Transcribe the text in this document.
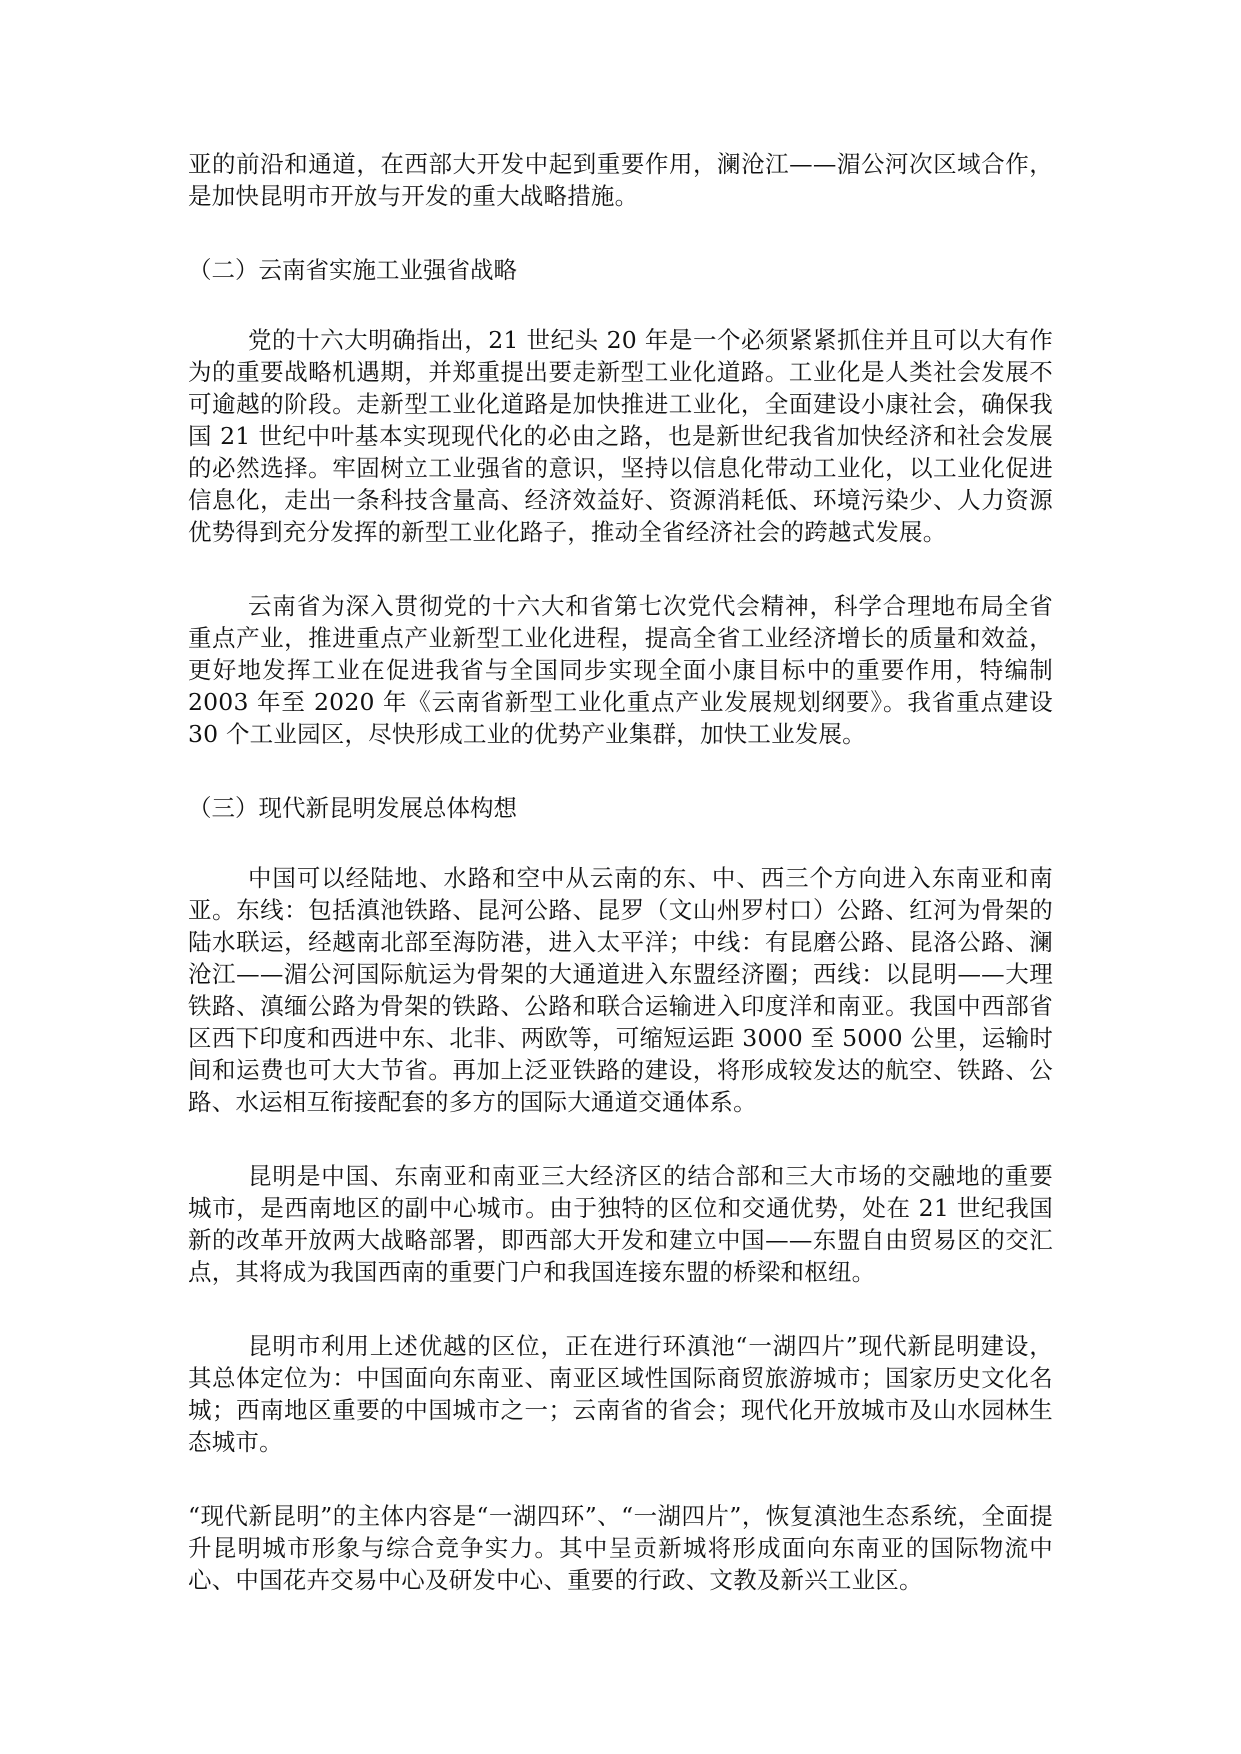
亚的前沿和通道，在西部大开发中起到重要作用，澜沧江——湄公河次区域合作，是加快昆明市开放与开发的重大战略措施。

（二）云南省实施工业强省战略

党的十六大明确指出，21 世纪头 20 年是一个必须紧紧抓住并且可以大有作为的重要战略机遇期，并郑重提出要走新型工业化道路。工业化是人类社会发展不可逾越的阶段。走新型工业化道路是加快推进工业化，全面建设小康社会，确保我国 21 世纪中叶基本实现现代化的必由之路，也是新世纪我省加快经济和社会发展的必然选择。牢固树立工业强省的意识，坚持以信息化带动工业化，以工业化促进信息化，走出一条科技含量高、经济效益好、资源消耗低、环境污染少、人力资源优势得到充分发挥的新型工业化路子，推动全省经济社会的跨越式发展。

云南省为深入贯彻党的十六大和省第七次党代会精神，科学合理地布局全省重点产业，推进重点产业新型工业化进程，提高全省工业经济增长的质量和效益，更好地发挥工业在促进我省与全国同步实现全面小康目标中的重要作用，特编制 2003 年至 2020 年《云南省新型工业化重点产业发展规划纲要》。我省重点建设 30 个工业园区，尽快形成工业的优势产业集群，加快工业发展。

（三）现代新昆明发展总体构想

中国可以经陆地、水路和空中从云南的东、中、西三个方向进入东南亚和南亚。东线：包括滇池铁路、昆河公路、昆罗（文山州罗村口）公路、红河为骨架的陆水联运，经越南北部至海防港，进入太平洋；中线：有昆磨公路、昆洛公路、澜沧江——湄公河国际航运为骨架的大通道进入东盟经济圈；西线：以昆明——大理铁路、滇缅公路为骨架的铁路、公路和联合运输进入印度洋和南亚。我国中西部省区西下印度和西进中东、北非、两欧等，可缩短运距 3000 至 5000 公里，运输时间和运费也可大大节省。再加上泛亚铁路的建设，将形成较发达的航空、铁路、公路、水运相互衔接配套的多方的国际大通道交通体系。

昆明是中国、东南亚和南亚三大经济区的结合部和三大市场的交融地的重要城市，是西南地区的副中心城市。由于独特的区位和交通优势，处在 21 世纪我国新的改革开放两大战略部署，即西部大开发和建立中国——东盟自由贸易区的交汇点，其将成为我国西南的重要门户和我国连接东盟的桥梁和枢纽。

昆明市利用上述优越的区位，正在进行环滇池“一湖四片”现代新昆明建设，其总体定位为：中国面向东南亚、南亚区域性国际商贸旅游城市；国家历史文化名城；西南地区重要的中国城市之一；云南省的省会；现代化开放城市及山水园林生态城市。

“现代新昆明”的主体内容是“一湖四环”、“一湖四片”，恢复滇池生态系统，全面提升昆明城市形象与综合竞争实力。其中呈贡新城将形成面向东南亚的国际物流中心、中国花卉交易中心及研发中心、重要的行政、文教及新兴工业区。
